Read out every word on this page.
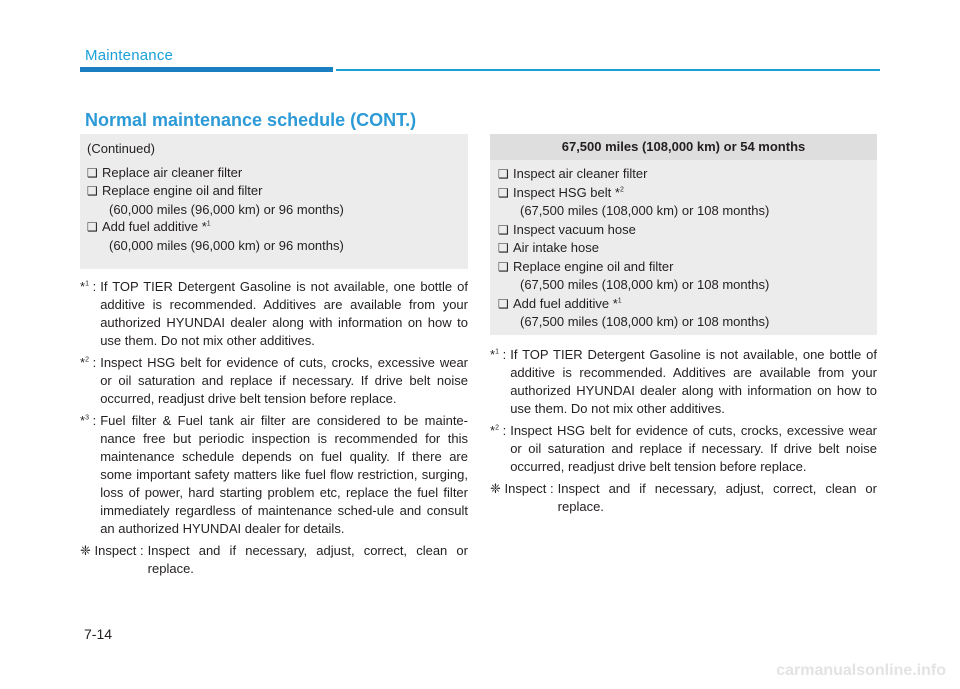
Maintenance
Normal maintenance schedule (CONT.)
(Continued)
❑ Replace air cleaner filter
❑ Replace engine oil and filter
(60,000 miles (96,000 km) or 96 months)
❑ Add fuel additive *$^1$
(60,000 miles (96,000 km) or 96 months)
67,500 miles (108,000 km) or 54 months
❑ Inspect air cleaner filter
❑ Inspect HSG belt *$^2$
(67,500 miles (108,000 km) or 108 months)
❑ Inspect vacuum hose
❑ Air intake hose
❑ Replace engine oil and filter
(67,500 miles (108,000 km) or 108 months)
❑ Add fuel additive *$^1$
(67,500 miles (108,000 km) or 108 months)
*$^1$ : If TOP TIER Detergent Gasoline is not available, one bottle of additive is recommended. Additives are available from your authorized HYUNDAI dealer along with information on how to use them. Do not mix other additives.
*$^2$ : Inspect HSG belt for evidence of cuts, crocks, excessive wear or oil saturation and replace if necessary. If drive belt noise occurred, readjust drive belt tension before replace.
*$^3$ : Fuel filter & Fuel tank air filter are considered to be mainte-nance free but periodic inspection is recommended for this maintenance schedule depends on fuel quality. If there are some important safety matters like fuel flow restriction, surging, loss of power, hard starting problem etc, replace the fuel filter immediately regardless of maintenance sched-ule and consult an authorized HYUNDAI dealer for details.
❈ Inspect : Inspect and if necessary, adjust, correct, clean or replace.
*$^1$ : If TOP TIER Detergent Gasoline is not available, one bottle of additive is recommended. Additives are available from your authorized HYUNDAI dealer along with information on how to use them. Do not mix other additives.
*$^2$ : Inspect HSG belt for evidence of cuts, crocks, excessive wear or oil saturation and replace if necessary. If drive belt noise occurred, readjust drive belt tension before replace.
❈ Inspect : Inspect and if necessary, adjust, correct, clean or replace.
7-14
carmanualsonline.info
